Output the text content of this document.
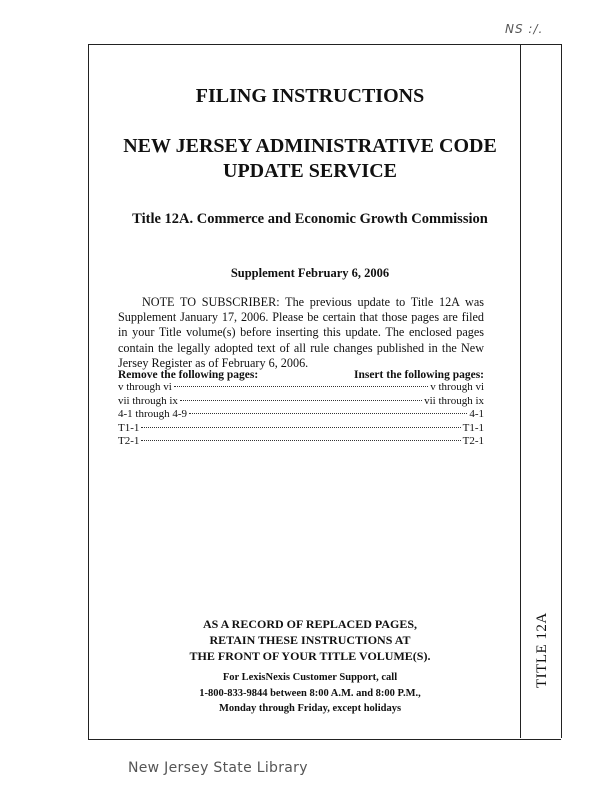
NS :/.
TITLE 12A
FILING INSTRUCTIONS
NEW JERSEY ADMINISTRATIVE CODE
UPDATE SERVICE
Title 12A. Commerce and Economic Growth Commission
Supplement February 6, 2006
NOTE TO SUBSCRIBER: The previous update to Title 12A was Supplement January 17, 2006. Please be certain that those pages are filed in your Title volume(s) before inserting this update. The enclosed pages contain the legally adopted text of all rule changes published in the New Jersey Register as of February 6, 2006.
Remove the following pages:	Insert the following pages:
v through vi	v through vi
vii through ix	vii through ix
4-1 through 4-9	4-1
T1-1	T1-1
T2-1	T2-1
AS A RECORD OF REPLACED PAGES,
RETAIN THESE INSTRUCTIONS AT
THE FRONT OF YOUR TITLE VOLUME(S).
For LexisNexis Customer Support, call
1-800-833-9844 between 8:00 A.M. and 8:00 P.M.,
Monday through Friday, except holidays
New Jersey State Library
